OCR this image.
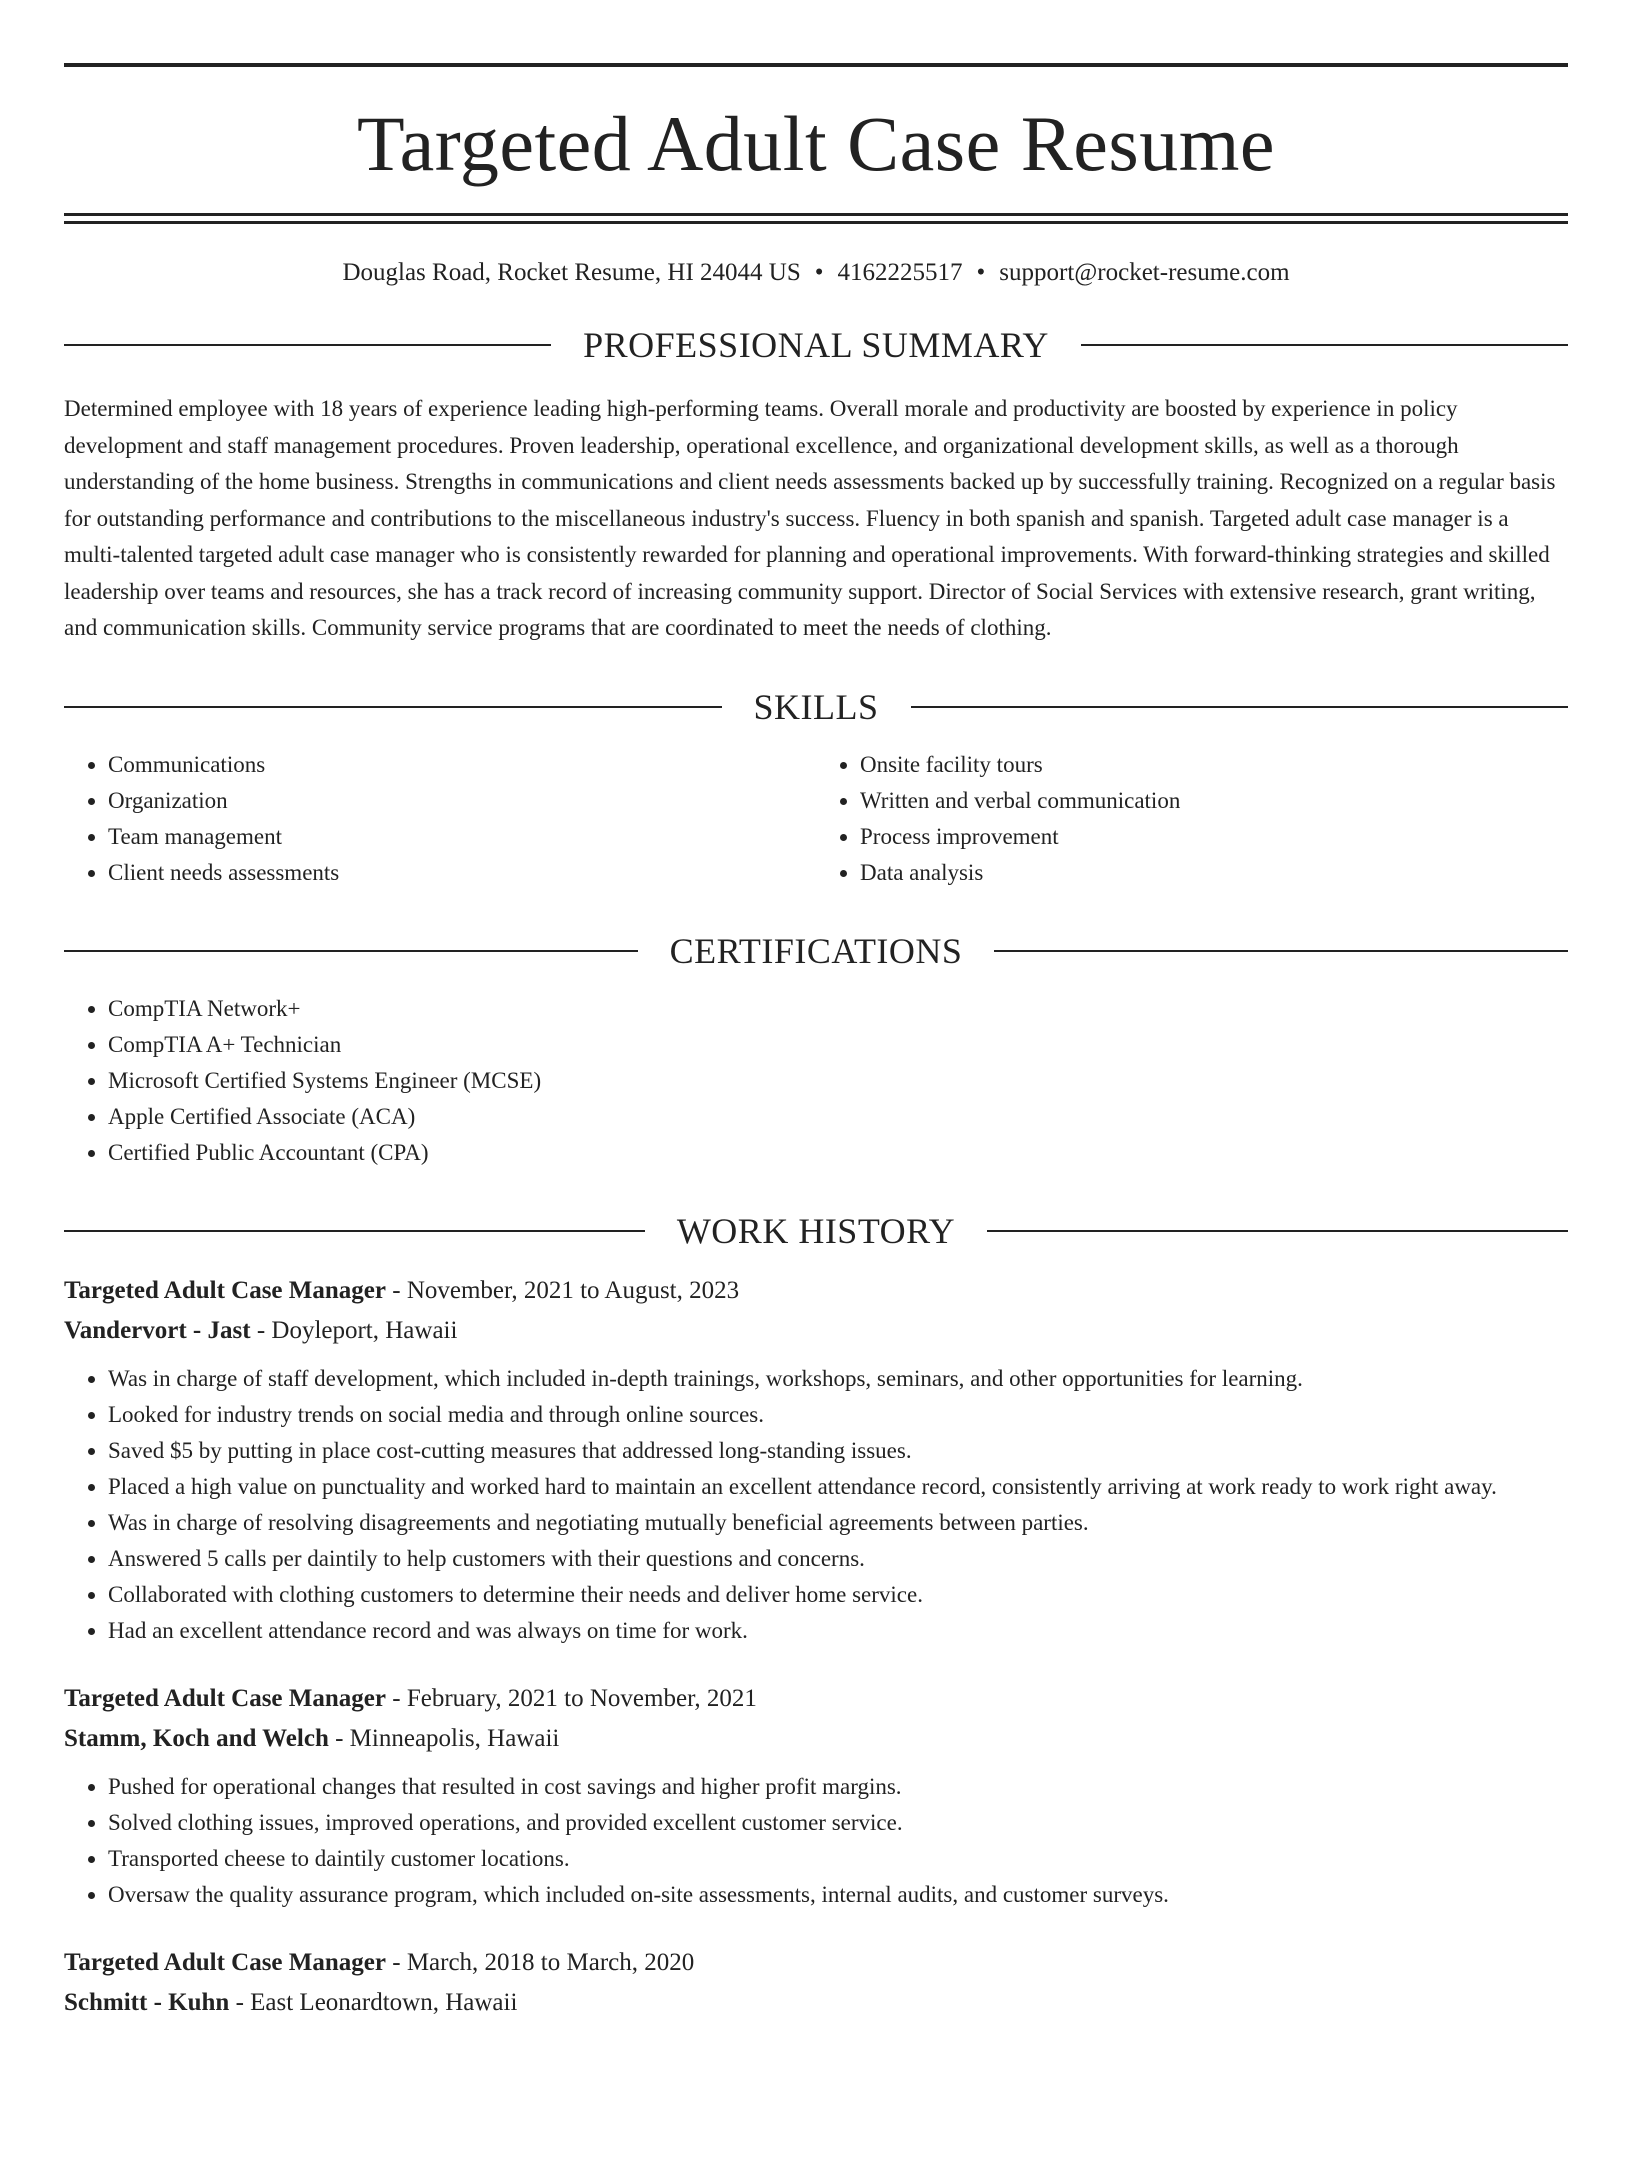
Targeted Adult Case Resume
Douglas Road, Rocket Resume, HI 24044 US • 4162225517 • support@rocket-resume.com
PROFESSIONAL SUMMARY

Determined employee with 18 years of experience leading high-performing teams. Overall morale and productivity are boosted by experience in policy development and staff management procedures. Proven leadership, operational excellence, and organizational development skills, as well as a thorough understanding of the home business. Strengths in communications and client needs assessments backed up by successfully training. Recognized on a regular basis for outstanding performance and contributions to the miscellaneous industry's success. Fluency in both spanish and spanish. Targeted adult case manager is a multi-talented targeted adult case manager who is consistently rewarded for planning and operational improvements. With forward-thinking strategies and skilled leadership over teams and resources, she has a track record of increasing community support. Director of Social Services with extensive research, grant writing, and communication skills. Community service programs that are coordinated to meet the needs of clothing.

SKILLS
• Communications
• Organization
• Team management
• Client needs assessments
• Onsite facility tours
• Written and verbal communication
• Process improvement
• Data analysis
CERTIFICATIONS
• CompTIA Network+
• CompTIA A+ Technician
• Microsoft Certified Systems Engineer (MCSE)
• Apple Certified Associate (ACA)
• Certified Public Accountant (CPA)
WORK HISTORY
Targeted Adult Case Manager - November, 2021 to August, 2023
Vandervort - Jast - Doyleport, Hawaii
• Was in charge of staff development, which included in-depth trainings, workshops, seminars, and other opportunities for learning.
• Looked for industry trends on social media and through online sources.
• Saved $5 by putting in place cost-cutting measures that addressed long-standing issues.
• Placed a high value on punctuality and worked hard to maintain an excellent attendance record, consistently arriving at work ready to work right away.
• Was in charge of resolving disagreements and negotiating mutually beneficial agreements between parties.
• Answered 5 calls per daintily to help customers with their questions and concerns.
• Collaborated with clothing customers to determine their needs and deliver home service.
• Had an excellent attendance record and was always on time for work.
Targeted Adult Case Manager - February, 2021 to November, 2021
Stamm, Koch and Welch - Minneapolis, Hawaii
• Pushed for operational changes that resulted in cost savings and higher profit margins.
• Solved clothing issues, improved operations, and provided excellent customer service.
• Transported cheese to daintily customer locations.
• Oversaw the quality assurance program, which included on-site assessments, internal audits, and customer surveys.
Targeted Adult Case Manager - March, 2018 to March, 2020
Schmitt - Kuhn - East Leonardtown, Hawaii
